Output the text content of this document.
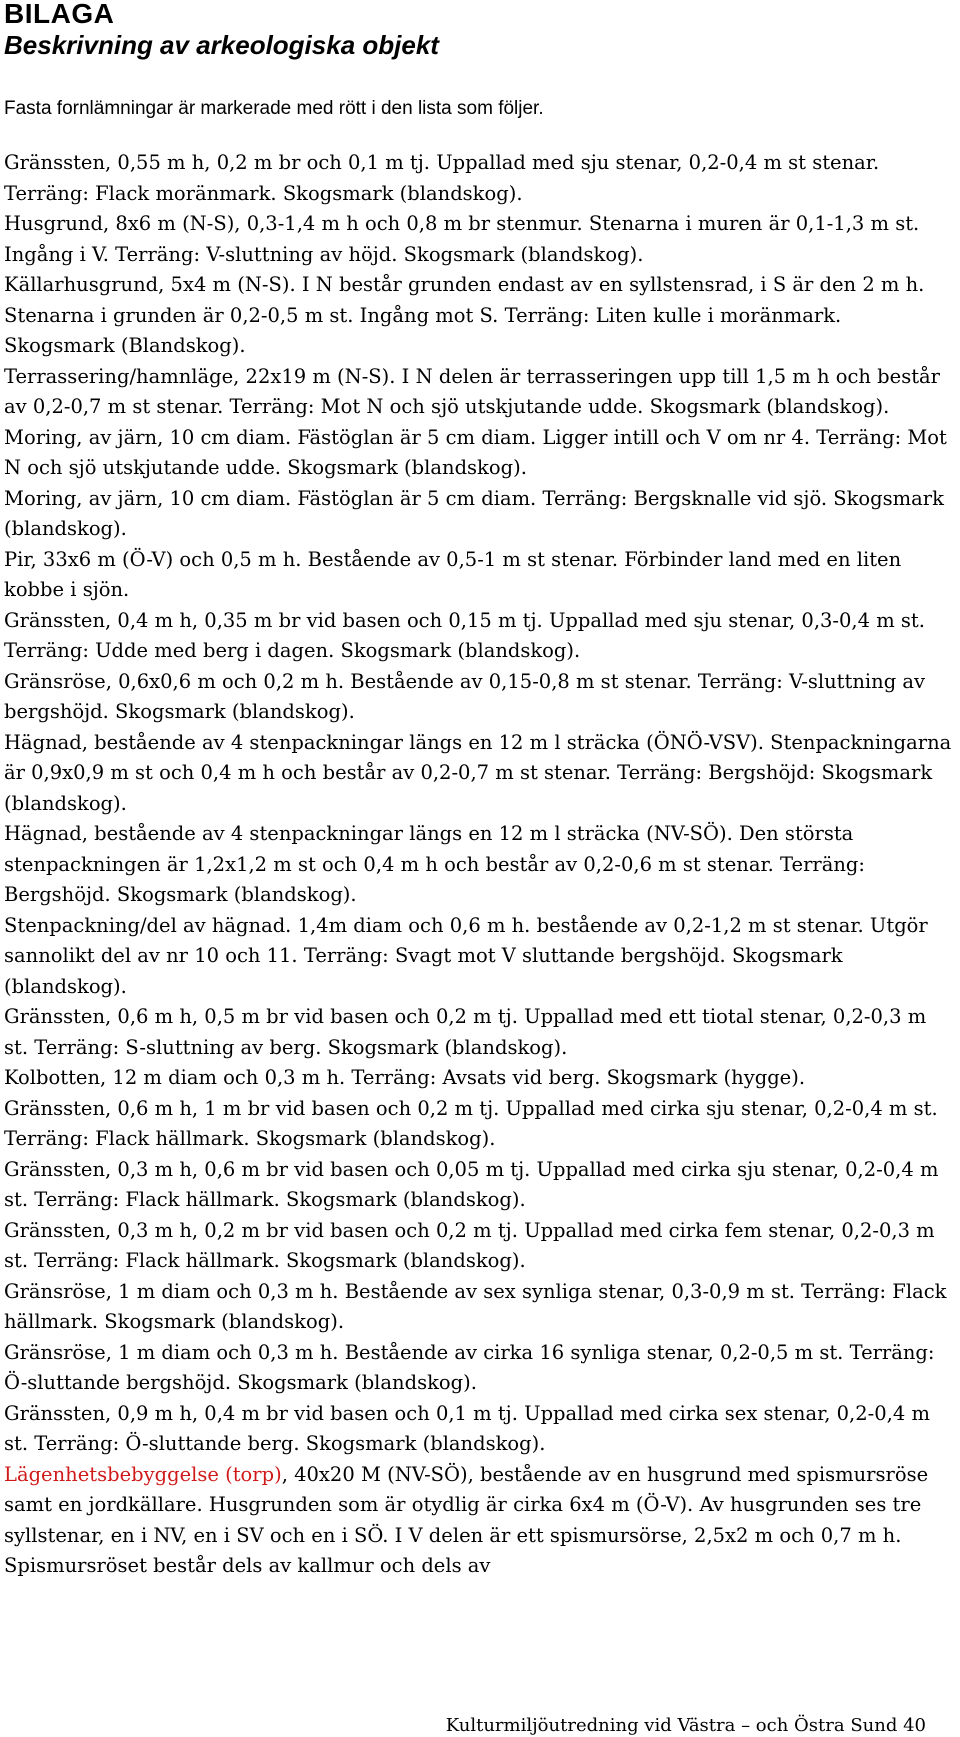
BILAGA
Beskrivning av arkeologiska objekt

Fasta fornlämningar är markerade med rött i den lista som följer.

Gränssten, 0,55 m h, 0,2 m br och 0,1 m tj. Uppallad med sju stenar, 0,2-0,4 m st stenar. Terräng: Flack moränmark. Skogsmark (blandskog).

Husgrund, 8x6 m (N-S), 0,3-1,4 m h och 0,8 m br stenmur. Stenarna i muren är 0,1-1,3 m st. Ingång i V. Terräng: V-sluttning av höjd. Skogsmark (blandskog).

Källarhusgrund, 5x4 m (N-S). I N består grunden endast av en syllstensrad, i S är den 2 m h. Stenarna i grunden är 0,2-0,5 m st. Ingång mot S. Terräng: Liten kulle i moränmark. Skogsmark (Blandskog).

Terrassering/hamnläge, 22x19 m (N-S). I N delen är terrasseringen upp till 1,5 m h och består av 0,2-0,7 m st stenar. Terräng: Mot N och sjö utskjutande udde. Skogsmark (blandskog).

Moring, av järn, 10 cm diam. Fästöglan är 5 cm diam. Ligger intill och V om nr 4. Terräng: Mot N och sjö utskjutande udde. Skogsmark (blandskog).

Moring, av järn, 10 cm diam. Fästöglan är 5 cm diam. Terräng: Bergsknalle vid sjö. Skogsmark (blandskog).

Pir, 33x6 m (Ö-V) och 0,5 m h. Bestående av 0,5-1 m st stenar. Förbinder land med en liten kobbe i sjön.

Gränssten, 0,4 m h, 0,35 m br vid basen och 0,15 m tj. Uppallad med sju stenar, 0,3-0,4 m st. Terräng: Udde med berg i dagen. Skogsmark (blandskog).

Gränsröse, 0,6x0,6 m och 0,2 m h. Bestående av 0,15-0,8 m st stenar. Terräng: V-sluttning av bergshöjd. Skogsmark (blandskog).

Hägnad, bestående av 4 stenpackningar längs en 12 m l sträcka (ÖNÖ-VSV). Stenpackningarna är 0,9x0,9 m st och 0,4 m h och består av 0,2-0,7 m st stenar. Terräng: Bergshöjd: Skogsmark (blandskog).

Hägnad, bestående av 4 stenpackningar längs en 12 m l sträcka (NV-SÖ). Den största stenpackningen är 1,2x1,2 m st och 0,4 m h och består av 0,2-0,6 m st stenar. Terräng: Bergshöjd. Skogsmark (blandskog).

Stenpackning/del av hägnad. 1,4m diam och 0,6 m h. bestående av 0,2-1,2 m st stenar. Utgör sannolikt del av nr 10 och 11. Terräng: Svagt mot V sluttande bergshöjd. Skogsmark (blandskog).

Gränssten, 0,6 m h, 0,5 m br vid basen och 0,2 m tj. Uppallad med ett tiotal stenar, 0,2-0,3 m st. Terräng: S-sluttning av berg. Skogsmark (blandskog).

Kolbotten, 12 m diam och 0,3 m h. Terräng: Avsats vid berg. Skogsmark (hygge).

Gränssten, 0,6 m h, 1 m br vid basen och 0,2 m tj. Uppallad med cirka sju stenar, 0,2-0,4 m st. Terräng: Flack hällmark. Skogsmark (blandskog).

Gränssten, 0,3 m h, 0,6 m br vid basen och 0,05 m tj. Uppallad med cirka sju stenar, 0,2-0,4 m st. Terräng: Flack hällmark. Skogsmark (blandskog).

Gränssten, 0,3 m h, 0,2 m br vid basen och 0,2 m tj. Uppallad med cirka fem stenar, 0,2-0,3 m st. Terräng: Flack hällmark. Skogsmark (blandskog).

Gränsröse, 1 m diam och 0,3 m h. Bestående av sex synliga stenar, 0,3-0,9 m st. Terräng: Flack hällmark. Skogsmark (blandskog).

Gränsröse, 1 m diam och 0,3 m h. Bestående av cirka 16 synliga stenar, 0,2-0,5 m st. Terräng: Ö-sluttande bergshöjd. Skogsmark (blandskog).

Gränssten, 0,9 m h, 0,4 m br vid basen och 0,1 m tj. Uppallad med cirka sex stenar, 0,2-0,4 m st. Terräng: Ö-sluttande berg. Skogsmark (blandskog).

Lägenhetsbebyggelse (torp), 40x20 M (NV-SÖ), bestående av en husgrund med spismursröse samt en jordkällare. Husgrunden som är otydlig är cirka 6x4 m (Ö-V). Av husgrunden ses tre syllstenar, en i NV, en i SV och en i SÖ. I V delen är ett spismursörse, 2,5x2 m och 0,7 m h. Spismursröset består dels av kallmur och dels av

Kulturmiljöutredning vid Västra – och Östra Sund 40
